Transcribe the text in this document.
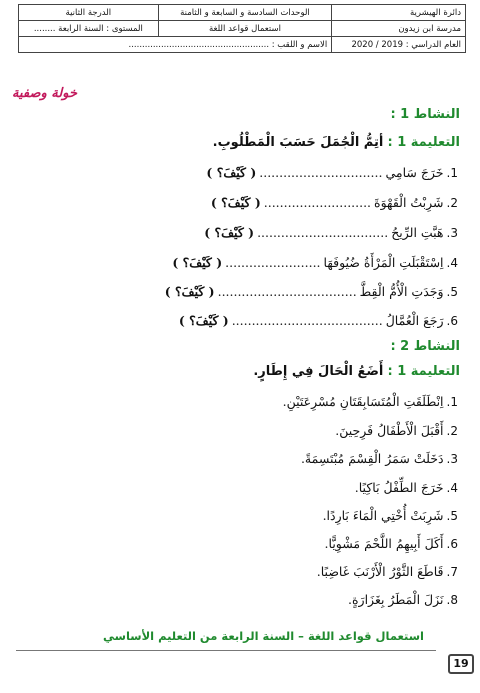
دائرة الهيشرية	الوحدات السادسة و السابعة و الثامنة	الدرجة الثانية
مدرسة ابن زيدون	استعمال قواعد اللغة	المستوى : السنة الرابعة ........
العام الدراسي : 2019 / 2020	الاسم و اللقب : ....................................................	
خولة وصفية
النشاط 1 :
التعليمة 1 : أتِمُّ الْجُمَلَ حَسَبَ الْمَطْلُوبِ.
1.خَرَجَ سَامِي...............................( كَيْفَ؟ )
2.شَرِبْتُ الْقَهْوَةَ...........................( كَيْفَ؟ )
3.هَبَّتِ الرِّيحُ.................................( كَيْفَ؟ )
4.اِسْتَقْبَلَتِ الْمَرْأَةُ ضُيُوفَهَا........................( كَيْفَ؟ )
5.وَجَدَتِ الْأُمُّ الْقِطَّ...................................( كَيْفَ؟ )
6.رَجَعَ الْعُمَّالُ......................................( كَيْفَ؟ )
النشاط 2 :
التعليمة 1 : أَضَعُ الْحَالَ فِي إِطَارٍ.
1.اِنْطَلَقَتِ الْمُتَسَابِقَتَانِ مُسْرِعَتَيْنِ.
2.أَقْبَلَ الْأَطْفَالُ فَرِحِينَ.
3.دَخَلَتْ سَمَرُ الْقِسْمَ مُبْتَسِمَةً.
4.خَرَجَ الطِّفْلُ بَاكِيًا.
5.شَرِبَتْ أُخْتِي الْمَاءَ بَارِدًا.
6.أَكَلَ أَبِيهِمُ اللَّحْمَ مَشْوِيًّا.
7.قَاطَعَ الثَّوْرُ الْأَرْنَبَ غَاضِبًا.
8.نَزَلَ الْمَطَرُ بِغَزَارَةٍ.
استعمال قواعد اللغة – السنة الرابعة من التعليم الأساسي
19
